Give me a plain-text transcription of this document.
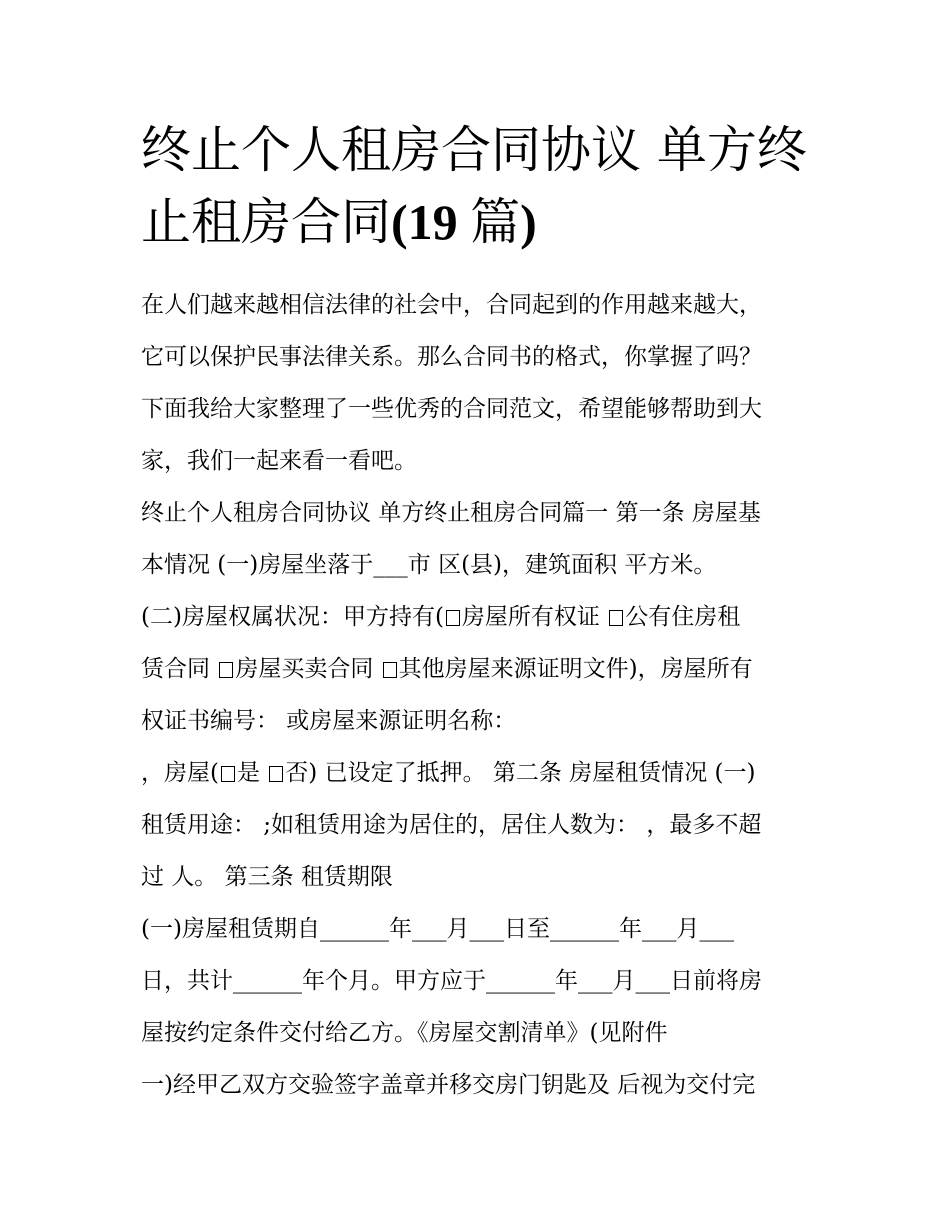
终止个人租房合同协议 单方终
止租房合同(19 篇)
在人们越来越相信法律的社会中，合同起到的作用越来越大，
它可以保护民事法律关系。那么合同书的格式，你掌握了吗？
下面我给大家整理了一些优秀的合同范文，希望能够帮助到大
家，我们一起来看一看吧。
终止个人租房合同协议 单方终止租房合同篇一 第一条 房屋基
本情况 (一)房屋坐落于___市 区(县)，建筑面积 平方米。
(二)房屋权属状况：甲方持有( 房屋所有权证 公有住房租
赁合同 房屋买卖合同 其他房屋来源证明文件)，房屋所有
权证书编号： 或房屋来源证明名称：
，房屋( 是 否) 已设定了抵押。 第二条 房屋租赁情况 (一)
租赁用途： ;如租赁用途为居住的，居住人数为： ，最多不超
过 人。 第三条 租赁期限
(一)房屋租赁期自______年___月___日至______年___月___
日，共计______年个月。甲方应于______年___月___日前将房
屋按约定条件交付给乙方。《房屋交割清单》(见附件
一)经甲乙双方交验签字盖章并移交房门钥匙及 后视为交付完
